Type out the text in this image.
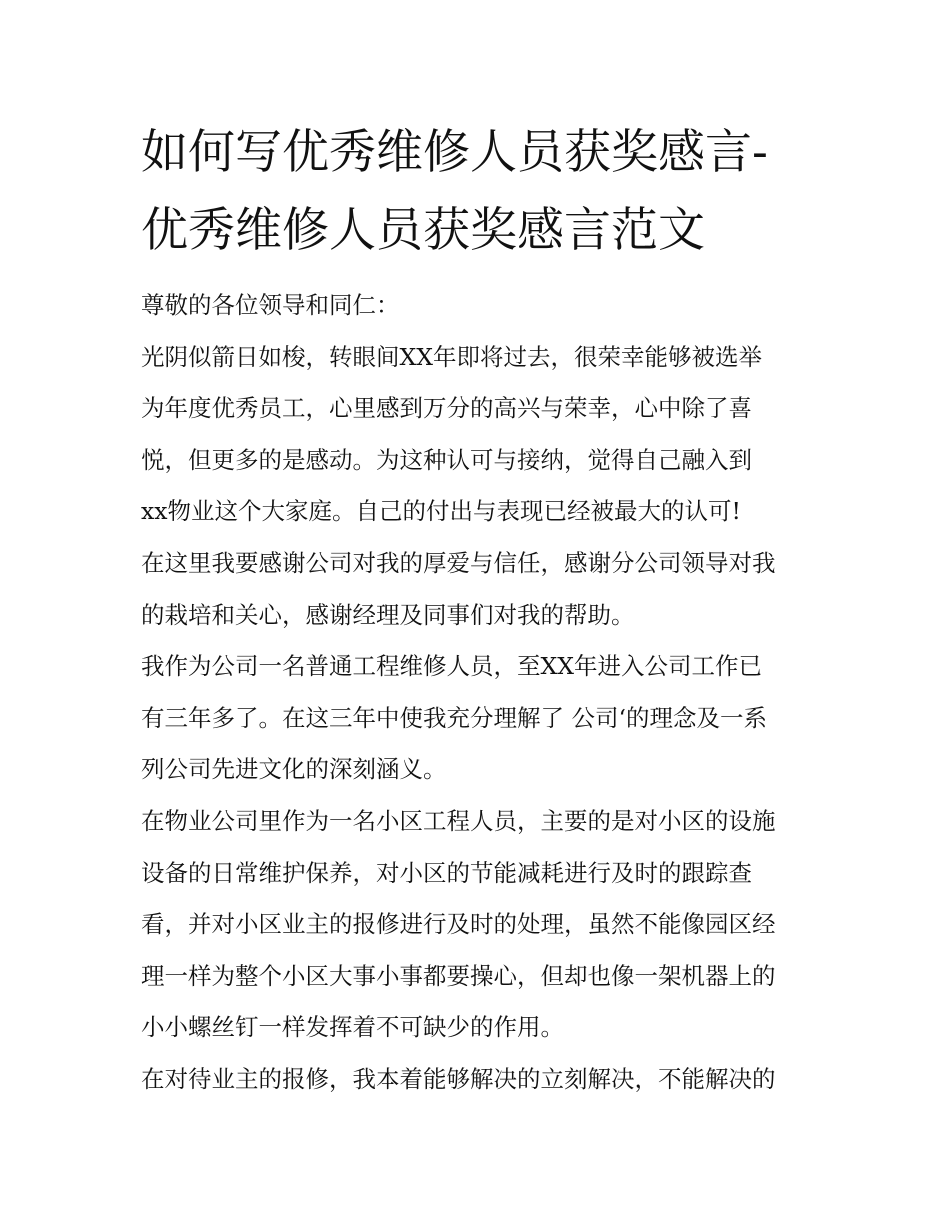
如何写优秀维修人员获奖感言-
优秀维修人员获奖感言范文
尊敬的各位领导和同仁：
光阴似箭日如梭，转眼间XX年即将过去，很荣幸能够被选举
为年度优秀员工，心里感到万分的高兴与荣幸，心中除了喜
悦，但更多的是感动。为这种认可与接纳，觉得自己融入到
xx物业这个大家庭。自己的付出与表现已经被最大的认可!
在这里我要感谢公司对我的厚爱与信任，感谢分公司领导对我
的栽培和关心，感谢经理及同事们对我的帮助。
我作为公司一名普通工程维修人员，至XX年进入公司工作已
有三年多了。在这三年中使我充分理解了 公司‘的理念及一系
列公司先进文化的深刻涵义。
在物业公司里作为一名小区工程人员，主要的是对小区的设施
设备的日常维护保养，对小区的节能减耗进行及时的跟踪查
看，并对小区业主的报修进行及时的处理，虽然不能像园区经
理一样为整个小区大事小事都要操心，但却也像一架机器上的
小小螺丝钉一样发挥着不可缺少的作用。
在对待业主的报修，我本着能够解决的立刻解决，不能解决的
